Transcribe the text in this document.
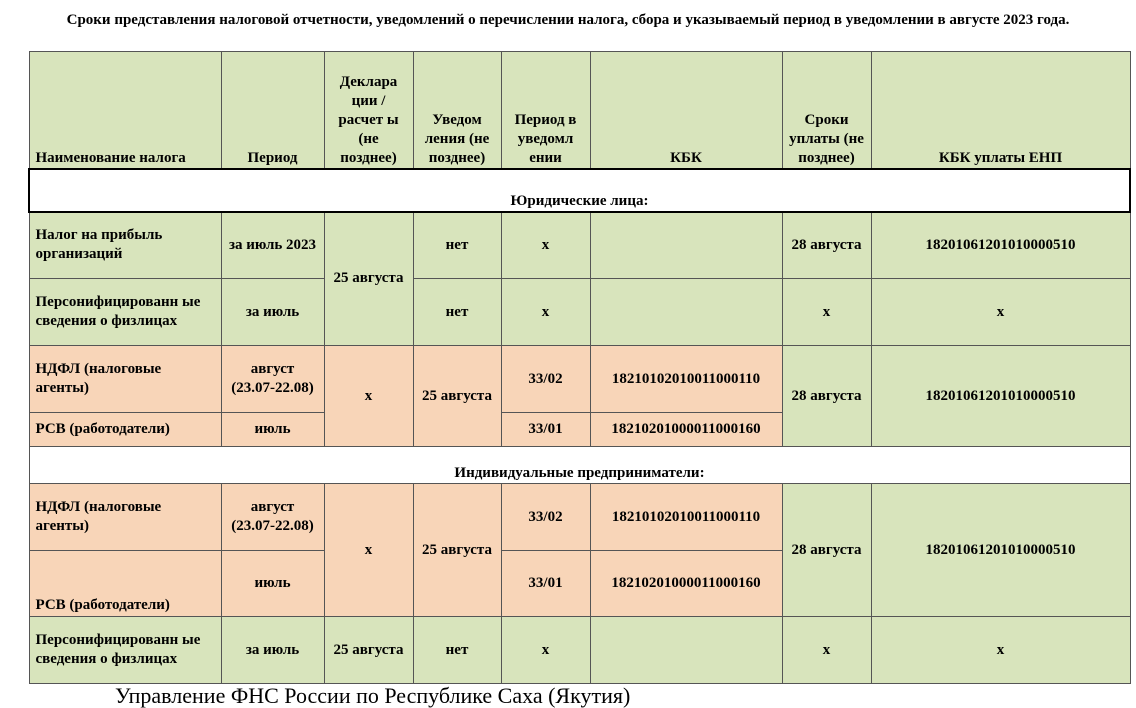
Сроки представления налоговой отчетности, уведомлений о перечислении налога, сбора и указываемый период в уведомлении в августе 2023 года.
Наименование налога	Период	Деклара ции /расчет ы (не позднее)	Уведом ления (не позднее)	Период в уведомл ении	КБК	Сроки уплаты (не позднее)	КБК уплаты ЕНП
Юридические лица:							
Налог на прибыль организаций	за июль 2023	25 августа	нет	х		28 августа	18201061201010000510
Персонифицированн ые сведения о физлицах	за июль		нет	х		х	х
НДФЛ (налоговые агенты)	август (23.07-22.08)	х	25 августа	33/02	18210102010011000110	28 августа	18201061201010000510
РСВ (работодатели)	июль			33/01	18210201000011000160		
Индивидуальные предприниматели:							
НДФЛ (налоговые агенты)	август (23.07-22.08)	х	25 августа	33/02	18210102010011000110	28 августа	18201061201010000510
РСВ (работодатели)	июль			33/01	18210201000011000160		
Персонифицированн ые сведения о физлицах	за июль	25 августа	нет	х		х	х
Управление ФНС России по Республике Саха (Якутия)
